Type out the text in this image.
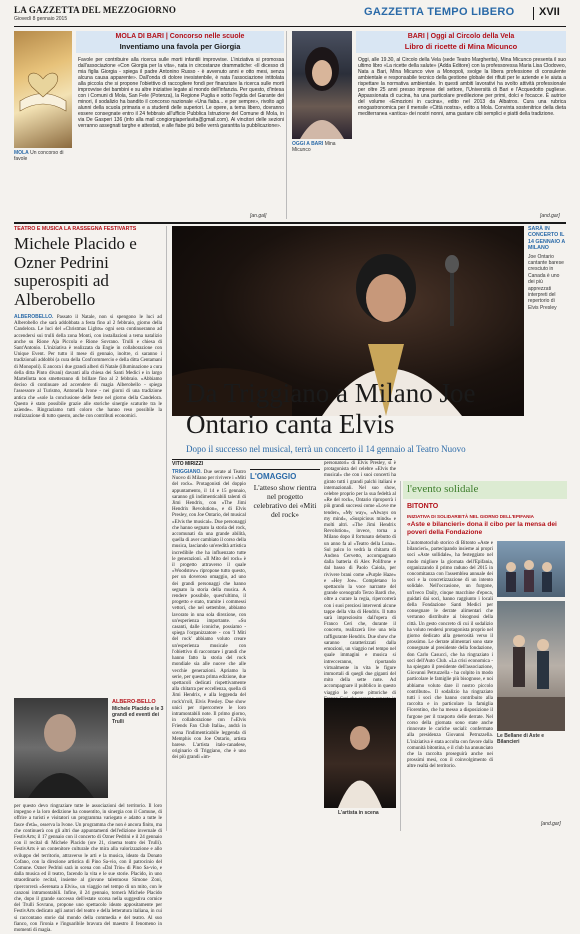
LA GAZZETTA DEL MEZZOGIORNO
Giovedì 8 gennaio 2015
GAZZETTA TEMPO LIBERO XVII
MOLA Un concorso di favole
MOLA DI BARI | Concorso nelle scuole
Inventiamo una favola per Giorgia
Favole per contribuire alla ricerca sulle morti infantili improvvise. L'iniziativa si promossa dall'associazione «Con Giorgia per la vita», nata in circostanze drammatiche: «Il dicesso di mia figlia Giorgia - spiega il padre Antonino Russo - è avvenuto anni e otto mesi, senza alcuna causa apparente». Dall'onda di dolore inesistenbile, è nata l'associazione intitolata alla piccola che si propone l'obiettivo di raccogliere fondi per finanziare la ricerca sulle morti improvvise dei bambini e su altre iniziative legate al mondo dell'infanzia. Per questo, d'intesa con i Comuni di Mola, San Fele (Potenza), la Regione Puglia e sotto l'egida del Garante dei minori, il sodalizio ha bandito il concorso nazionale «Una fiaba... e per sempre», rivolto agli alunni della scuola primaria e a studenti delle superiori. Le opere, a tema libero, dovranno essere consegnate entro il 24 febbraio all'ufficio Pubblica Istruzione del Comune di Mola, in via De Gasperi 136 (info alla mail congiorgiaperlavita@gmail.com). Ai vincitori delle sezioni verranno assegnati targhe e attestati, e alle fiabe più belle verrà garantita la pubblicazione».
[an.gal]
OGGI A BARI Mina Micunco
BARI | Oggi al Circolo della Vela
Libro di ricette di Mina Micunco
Oggi, alle 19.30, al Circolo della Vela (sede Teatro Margherita), Mina Micunco presenta il suo ultimo libro «La ricette della salute» (Adda Editore) con la professoressa Maria Lisa Clodoveo, Nata a Bari, Mina Micunco vive a Monopoli, svolge la libera professione di consulente ambientale e responsabile tecnico della gestione globale dei rifiuti per le aziende e le aiuta a rispettare la normativa ambientale. In questi ambiti lavorativi ha svolto attività professionale per oltre 25 anni presso imprese del settore, l'Università di Bari e l'Acquedotto pugliese. Appassionata di cucina, ha una particolare predilezione per primi, dolci e focacce. È autrice del volume «Emozioni in cucina», edito nel 2013 da Albatros. Cura una rubrica enogastronomica per il mensile «Città nostra», edito a Mola. Convinta sostenitrice della dieta mediterranea «antica» dei nostri nonni, ama gustare cibi semplici e piatti della tradizione.
[and.gar]
TEATRO E MUSICA LA RASSEGNA FESTIVARTS
Michele Placido e Ozner Pedrini superospiti ad Alberobello
ALBEROBELLO. Passato il Natale, non si spengono le luci ad Alberobello che sarà addobbata a festa fino al 2 febbraio, giorno della Candelora. Le luci del «Christmas Lights» ogni sera continueranno ad accendersi sui trulli della zona Monti, con installazioni a tema natalizio anche su Rione Aja Piccola e Rione Sovrano. Trulli e chiesa di Sant'Antonio. L'iniziativa è realizzata da Engie in collaborazione con Unique Event. Per tutto il mese di gennaio, inoltre, ci saranno i tradizionali addobbi (a cura della Confcommercio e della ditta Centamani di Monopoli). E ancora i due grandi alberi di Natale (illuminazione a cura della ditta Pinto divani) davanti alla chiesa dei Santi Medici e in largo Martellotta non smetteranno di brillare fino al 2 febbraio. «Abbiamo deciso di continuare ad accendere di magia Alberobello - spiega l'assessore al Turismo, Antonella Ivone - nei giorni di una tradizione antica che «sole la conclusione delle feste nel giorno della Candelora. Questo è stato possibile grazie alle storiche sinergie scaturite tra le aziende». Ringraziamo tutti coloro che hanno reso possibile la realizzazione di tutto questo, anche con contributi economici.
ALBERO-BELLO
Michele Placido e le 3 grandi ed eventi dei Trulli
per questo devo ringraziare tutte le associazioni del territorio. Il loro impegno e la loro dedizione ha consentito, in sinergia con il Comune, di offrire a turisti e visitatori un programma variegato e adatto a tutte le fasce d'età», osserva la Ivone. Un programma che non è ancora finito, ma che continuerà con gli altri due appuntamenti dell'edizione invernale di FestivArts; il 17 gennaio con il concerto di Ozner Pedrini e il 24 gennaio con il recital di Michele Placido (ore 21, cinema teatro dei Trulli). FestivArts è un contenitore culturale che mira alla valorizzazione e allo sviluppo del territorio, attraverso le arti e la musica, ideato da Donato Cofano, con la direzione artistica di Pino Sa-vio, con il patrocinio del Comune. Ozner Pedrini sarà in scena con «Dal Trio» di Pino Sa-vio, e dalla musica ed il teatro, facendo la vita e le sue storie. Placido, in uno straordinario recital, insieme al giovane talentuoso Simone Zoni, ripercorrerà «Serenata a Elvis», un viaggio nel tempo di un mito, con le canzoni intramontabili. Infine, il 24 gennaio, tornerà Michele Placido che, dopo il grande successo dell'estate scorsa nella suggestiva cornice del Trulli Sovrano, propone uno spettacolo ideato appositamente per FestivArts dedicato agli autori del teatro e della letteratura italiana, in cui si raccontano storie dal mondo della commedia e del teatro. Al suo fianco, con l'ironia e l'inguaribile bravura del maestro il fenomeno in momenti di magia.
SARÀ IN CONCERTO IL 14 GENNAIO A MILANO
Joe Ontario cantante barese cresciuto in Canada è uno dei più apprezzati interpreti del repertorio di Elvis Presley
Da Triggiano a Milano Joe Ontario canta Elvis
Dopo il successo nel musical, terrà un concerto il 14 gennaio al Teatro Nuovo
VITO MIRIZZI
TRIGGIANO. Due serate al Teatro Nuovo di Milano per rivivere i «Miti del rock». Protagonisti del doppio appuntamento, il 14 e 15 gennaio, saranno gli indimenticabili talenti di Jimi Hendrix, con «The Jimi Hendrix Revolution», e di Elvis Presley, con Joe Ontario, del musical «Elvis the musical». Due personaggi che hanno segnato la storia del rock, accomunati da una grande abilità, quella di aver cambiato il corso della musica, lasciando un'eredità artistica incredibile che ha influenzato tutte le generazioni. «Il Mito del rock» è il progetto attraverso il quale «Woodstow» ripropone tutto questo, per un doveroso omaggio, ad uno dei grandi personaggi che hanno segnato la storia della musica. A rendere possibile, quest'ultimo, il progetto e stato, tramite i commessi vettori, che nel settembre, abbiamo lavorato in una sola direzione, con un'esperienza importante. «Su casanti, dalle iconiche, possiamo - spiega l'organizzatore - con 'I Miti del rock' abbiamo voluto creare un'esperienza musicale con l'obiettivo di raccontare i grandi che hanno fatto la storia del rock mondiale sia alle nuove che alle vecchie generazioni. Apriamo la serie, per questa prima edizione, due spettacoli dedicati rispettivamente alla chitarra per eccellenza, quella di Jimi Hendrix, e alla leggenda del rock'n'roll, Elvis Presley. Due show unici per ripercorrere le loro intramontabili note. Il primo giorno, in collaborazione con l'«Elvis Friends Fan Club Italia», andrà in scena l'indimenticabile leggenda di Memphis con Joe Ontario, artista barese. L'artista italo-canadese, originario di Triggiano, che è uno dei più grandi «im-
L'OMAGGIO
L'atteso show rientra nel progetto celebrativo dei «Miti del rock»
personatori» di Elvis Presley, si è protagonista del celebre «Elvis the musical» che con i suoi concerti ha girato tutti i grandi palchi italiani e internazionali. Nel suo show, celebre proprio per la sua fedeltà al «Re del rock», Ontario riproporrà i più grandi successi come «Love me tender», «My way», «Always on my mind», «Suspicious minds» e molti altri. «The Jimi Hendrix Revolution», invece, torna a Milano dopo il fortunato debutto di un anno fa al «Teatro della Luna». Sul palco lo vedrà la chitarra di Andrea Cervetto, accompagnato dalla batteria di Alex Polifrone e dal basso di Paolo Caiola, per rivivere brani come «Purple Haze» e «Hey Joe». Completano lo spettacolo la voce narrante del grande scenografo Terzo Bardi che, oltre a curare la regia, ripercorrerà con i suoi preziosi interventi alcune tappe della vita di Hendrix. Il tutto sarà impreziosito dall'opera di Franco Ceri che, durante il concerto, realizzerà live una tela raffigurante Hendrix. Due show che saranno caratterizzati dalla emozioni, un viaggio nel tempo nel quale immagini e musica si intrecceranno, riportando virtualmente in vita le figure immortali di quegli due giganti del mito della sette note. Ad accompagnare il pubblico in questo viaggio le opere pittoriche di
L'artista in scena
l'evento solidale
BITONTO
INIZIATIVA DI SOLIDARIETÀ NEL GIORNO DELL'EPIFANIA
«Aste e bilancieri» dona il cibo per la mensa dei poveri della Fondazione
L'automotoclub storico di Bitonto «Aste e bilancieri», partecipando insieme ai propri soci «Aste sollidale», ha festeggiato nel modo migliore la giornata dell'Epifania, organizzando il primo raduno del 2015 in concomitanza con l'assemblea annuale dei soci e la concretizzazione di un intento solidale. Nell'occasione, un furgone, un'Iveco Daily, cinque macchine d'epoca, guidati dai soci, hanno raggiunto i locali della Fondazione Santi Medici per consegnare le derrate alimentari che verranno distribuite ai bisognosi della città. Un gesto concreto di cui il sodalizio ha voluto rendersi protagonista proprio nel giorno dedicato alla generosità verso il prossimo. Le derrate alimentari sono state consegnate al presidente della fondazione, don Carlo Casucci, che ha ringraziato i soci dell'Auto Club. «La crisi economica - ha spiegato il presidente dell'associazione, Giovanni Petruzzella - ha colpito in modo particolare le famiglie più bisognose, e noi abbiamo voluto dare il nostro piccolo contributo». Il sodalizio ha ringraziato tutti i soci che hanno contribuito alla raccolta e in particolare la famiglia Fiorentino, che ha messo a disposizione il furgone per il trasporto delle derrate. Nel corso della giornata sono state anche rinnovate le cariche sociali: confermato alla presidenza Giovanni Petruzzella. L'iniziativa è stata accolta con favore dalla comunità bitontina, e il club ha annunciato che la raccolta proseguirà anche nei prossimi mesi, con il coinvolgimento di altre realtà del territorio.
Le Bellane di Aste e Bilancieri
[and.gar]
